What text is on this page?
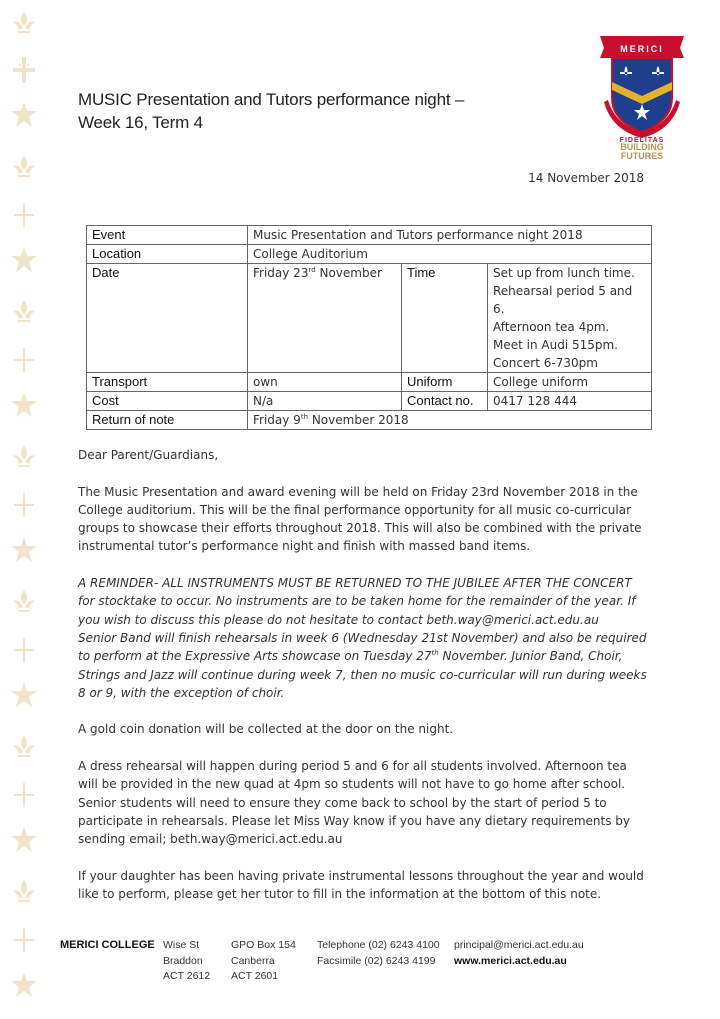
MERICI
FIDELITAS
BUILDING
FUTURES
MUSIC Presentation and Tutors performance night –
Week 16, Term 4
14 November 2018
Event	Music Presentation and Tutors performance night 2018		
Location	College Auditorium		
Date	Friday 23rd November	Time	Set up from lunch time.
Rehearsal period 5 and 6.
Afternoon tea 4pm.
Meet in Audi 515pm.
Concert 6-730pm

Transport	own	Uniform	College uniform
Cost	N/a	Contact no.	0417 128 444
Return of note	Friday 9th November 2018		

Dear Parent/Guardians,

The Music Presentation and award evening will be held on Friday 23rd November 2018 in the College auditorium. This will be the final performance opportunity for all music co-curricular groups to showcase their efforts throughout 2018. This will also be combined with the private instrumental tutor’s performance night and finish with massed band items.

A REMINDER- ALL INSTRUMENTS MUST BE RETURNED TO THE JUBILEE AFTER THE CONCERT for stocktake to occur. No instruments are to be taken home for the remainder of the year. If you wish to discuss this please do not hesitate to contact beth.way@merici.act.edu.au

Senior Band will finish rehearsals in week 6 (Wednesday 21st November) and also be required to perform at the Expressive Arts showcase on Tuesday 27th November. Junior Band, Choir, Strings and Jazz will continue during week 7, then no music co-curricular will run during weeks 8 or 9, with the exception of choir.

A gold coin donation will be collected at the door on the night.

A dress rehearsal will happen during period 5 and 6 for all students involved. Afternoon tea will be provided in the new quad at 4pm so students will not have to go home after school. Senior students will need to ensure they come back to school by the start of period 5 to participate in rehearsals. Please let Miss Way know if you have any dietary requirements by sending email; beth.way@merici.act.edu.au

If your daughter has been having private instrumental lessons throughout the year and would like to perform, please get her tutor to fill in the information at the bottom of this note.

MERICI COLLEGE Wise St
Braddon
ACT 2612
GPO Box 154
Canberra
ACT 2601
Telephone (02) 6243 4100
Facsimile (02) 6243 4199
principal@merici.act.edu.au
www.merici.act.edu.au
